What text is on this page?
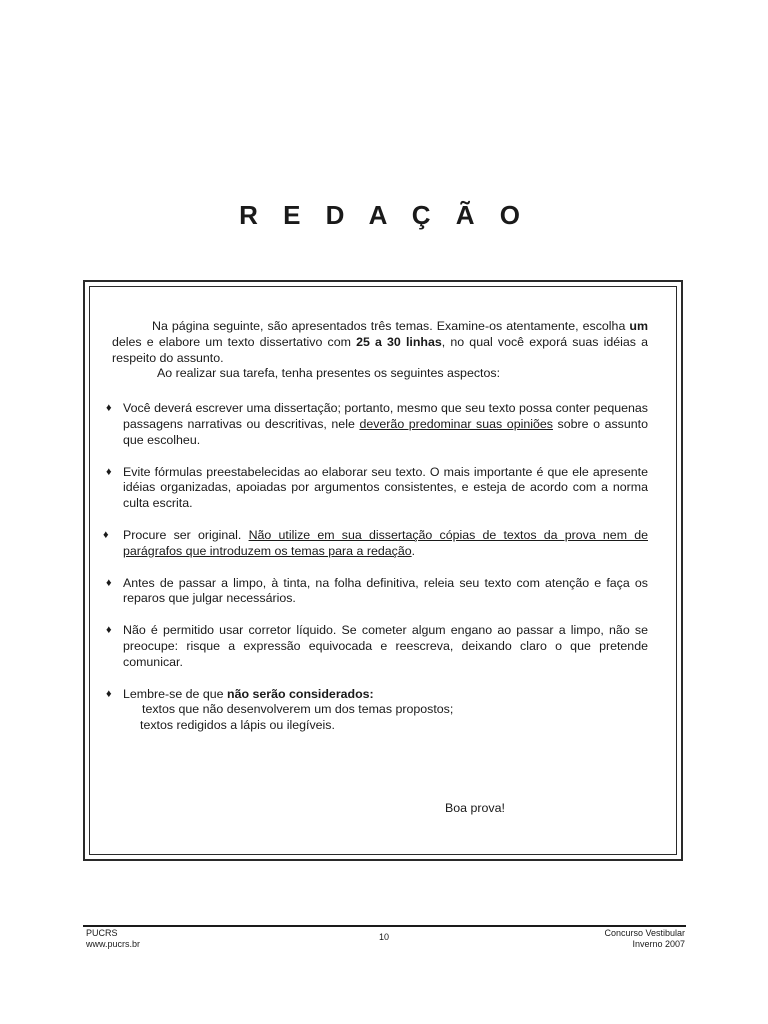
R E D A Ç Ã O

Na página seguinte, são apresentados três temas. Examine-os atentamente, escolha um deles e elabore um texto dissertativo com 25 a 30 linhas, no qual você exporá suas idéias a respeito do assunto.

Ao realizar sua tarefa, tenha presentes os seguintes aspectos:

♦ Você deverá escrever uma dissertação; portanto, mesmo que seu texto possa conter pequenas passagens narrativas ou descritivas, nele deverão predominar suas opiniões sobre o assunto que escolheu.
♦ Evite fórmulas preestabelecidas ao elaborar seu texto. O mais importante é que ele apresente idéias organizadas, apoiadas por argumentos consistentes, e esteja de acordo com a norma culta escrita.
♦ Procure ser original. Não utilize em sua dissertação cópias de textos da prova nem de parágrafos que introduzem os temas para a redação.
♦ Antes de passar a limpo, à tinta, na folha definitiva, releia seu texto com atenção e faça os reparos que julgar necessários.
♦ Não é permitido usar corretor líquido. Se cometer algum engano ao passar a limpo, não se preocupe: risque a expressão equivocada e reescreva, deixando claro o que pretende comunicar.
♦ Lembre-se de que não serão considerados:

textos que não desenvolverem um dos temas propostos;

textos redigidos a lápis ou ilegíveis.

Boa prova!
PUCRS
www.pucrs.br
10	Concurso Vestibular
Inverno 2007
